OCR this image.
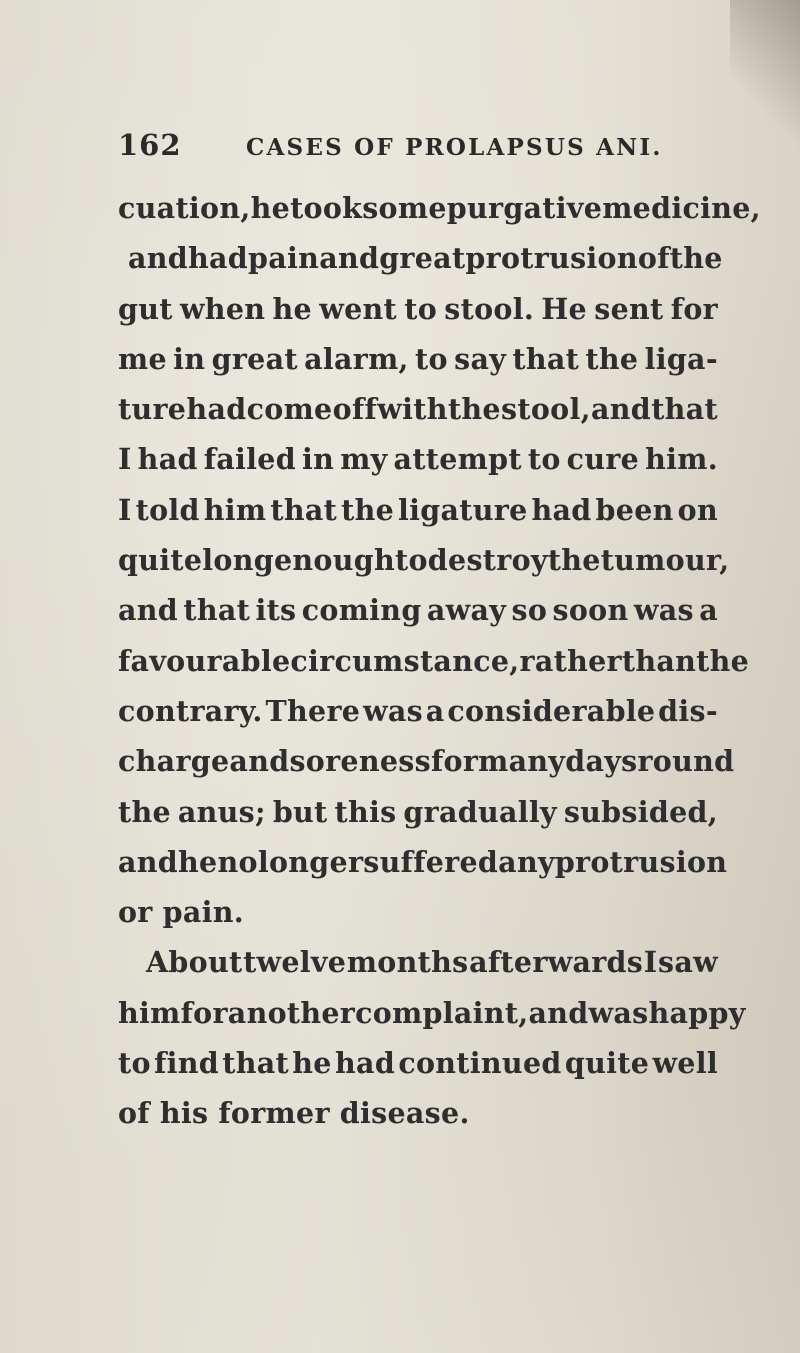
162	CASES OF PROLAPSUS ANI.
cuation, he took some purgative medicine,
and had pain and great protrusion of the
gut when he went to stool. He sent for
me in great alarm, to say that the liga-
ture had come off with the stool, and that
I had failed in my attempt to cure him.
I told him that the ligature had been on
quite long enough to destroy the tumour,
and that its coming away so soon was a
favourable circumstance, rather than the
contrary. There was a considerable dis-
charge and soreness for many days round
the anus; but this gradually subsided,
and he no longer suffered any protrusion
or pain.
About twelve months afterwards I saw
him for another complaint, and was happy
to find that he had continued quite well
of his former disease.
